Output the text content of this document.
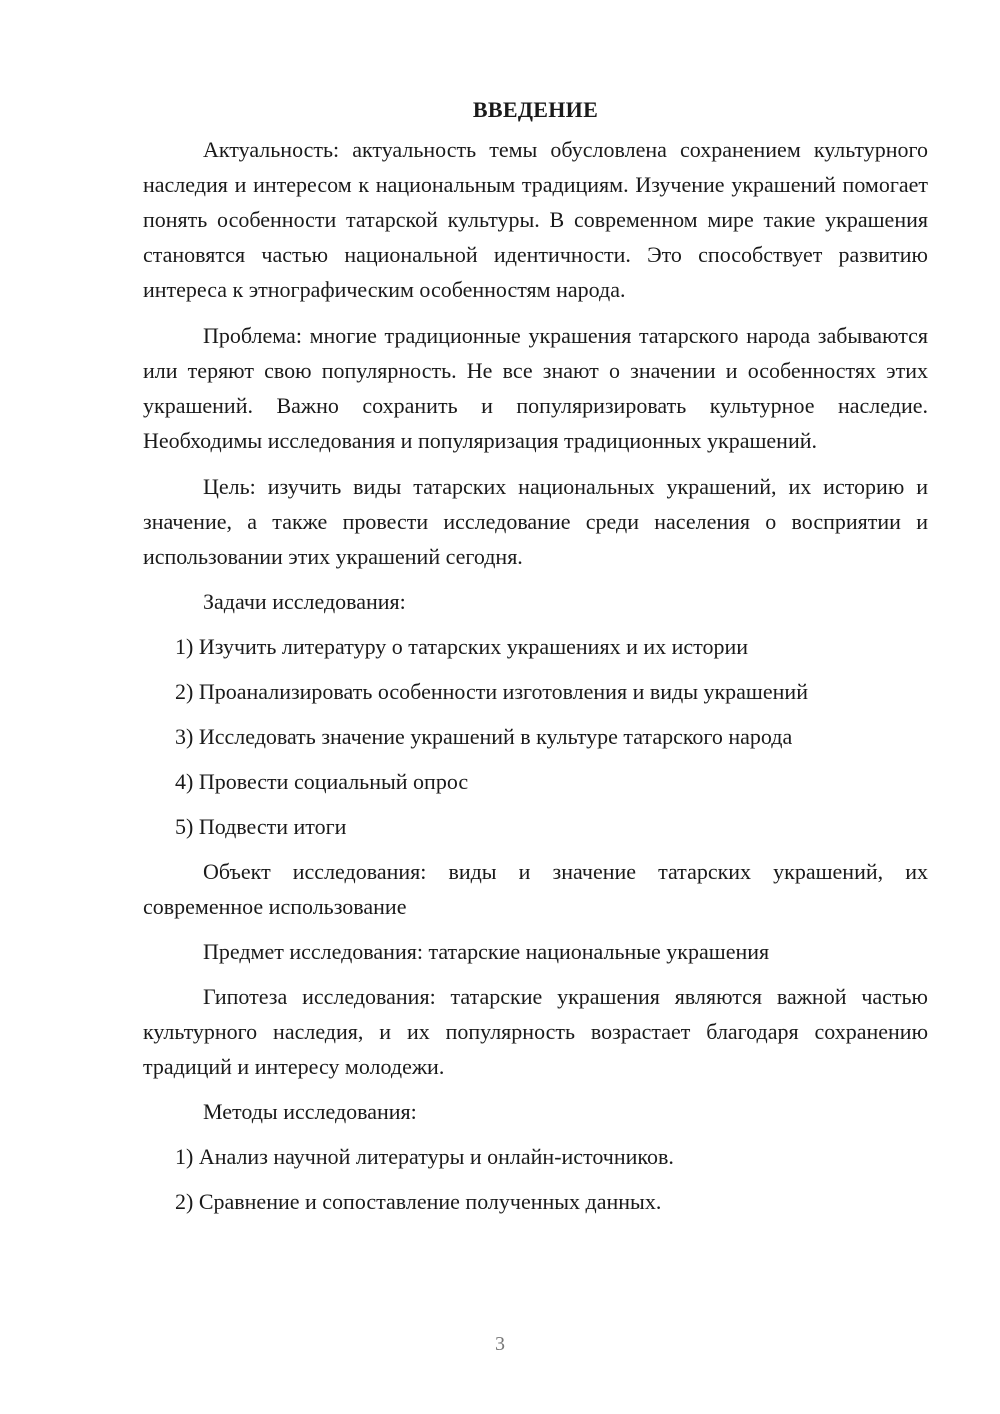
ВВЕДЕНИЕ

Актуальность: актуальность темы обусловлена сохранением культурного наследия и интересом к национальным традициям. Изучение украшений помогает понять особенности татарской культуры. В современном мире такие украшения становятся частью национальной идентичности. Это способствует развитию интереса к этнографическим особенностям народа.

Проблема: многие традиционные украшения татарского народа забываются или теряют свою популярность. Не все знают о значении и особенностях этих украшений. Важно сохранить и популяризировать культурное наследие. Необходимы исследования и популяризация традиционных украшений.

Цель: изучить виды татарских национальных украшений, их историю и значение, а также провести исследование среди населения о восприятии и использовании этих украшений сегодня.

Задачи исследования:

1) Изучить литературу о татарских украшениях и их истории

2) Проанализировать особенности изготовления и виды украшений

3) Исследовать значение украшений в культуре татарского народа

4) Провести социальный опрос

5) Подвести итоги

Объект исследования: виды и значение татарских украшений, их современное использование

Предмет исследования: татарские национальные украшения

Гипотеза исследования: татарские украшения являются важной частью культурного наследия, и их популярность возрастает благодаря сохранению традиций и интересу молодежи.

Методы исследования:

1) Анализ научной литературы и онлайн-источников.

2) Сравнение и сопоставление полученных данных.

3
